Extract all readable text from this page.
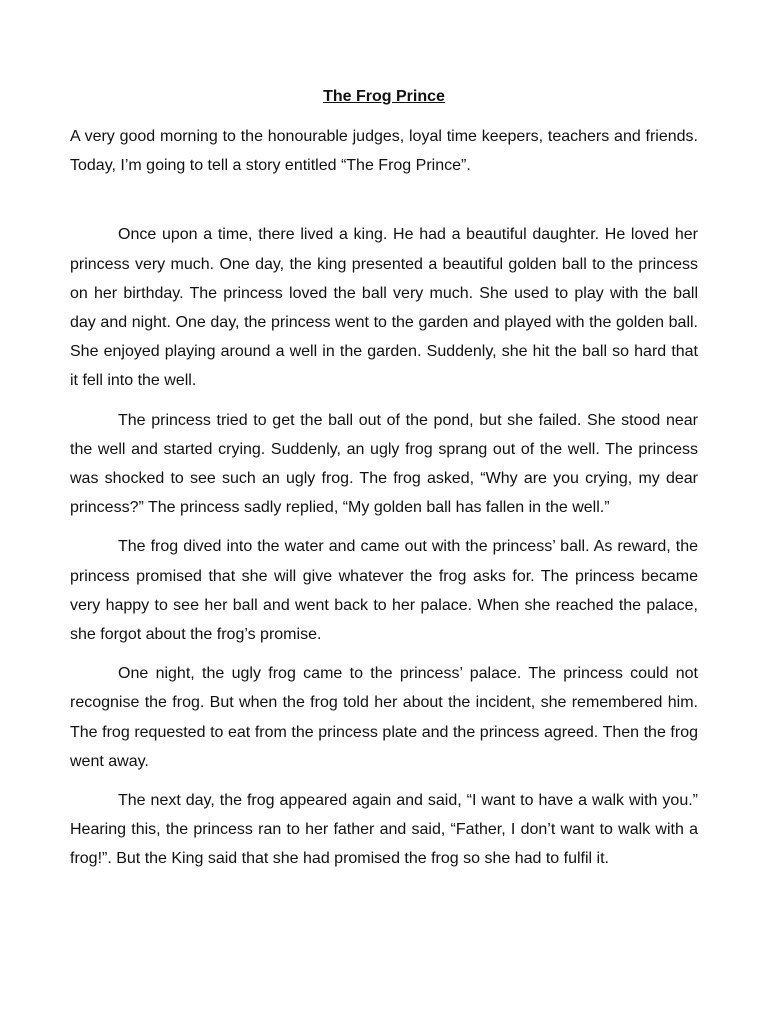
The Frog Prince

A very good morning to the honourable judges, loyal time keepers, teachers and friends. Today, I’m going to tell a story entitled “The Frog Prince”.

Once upon a time, there lived a king. He had a beautiful daughter. He loved her princess very much. One day, the king presented a beautiful golden ball to the princess on her birthday. The princess loved the ball very much. She used to play with the ball day and night. One day, the princess went to the garden and played with the golden ball. She enjoyed playing around a well in the garden. Suddenly, she hit the ball so hard that it fell into the well.

The princess tried to get the ball out of the pond, but she failed. She stood near the well and started crying. Suddenly, an ugly frog sprang out of the well. The princess was shocked to see such an ugly frog. The frog asked, “Why are you crying, my dear princess?” The princess sadly replied, “My golden ball has fallen in the well.”

The frog dived into the water and came out with the princess’ ball. As reward, the princess promised that she will give whatever the frog asks for. The princess became very happy to see her ball and went back to her palace. When she reached the palace, she forgot about the frog’s promise.

One night, the ugly frog came to the princess’ palace. The princess could not recognise the frog. But when the frog told her about the incident, she remembered him. The frog requested to eat from the princess plate and the princess agreed. Then the frog went away.

The next day, the frog appeared again and said, “I want to have a walk with you.” Hearing this, the princess ran to her father and said, “Father, I don’t want to walk with a frog!”. But the King said that she had promised the frog so she had to fulfil it.
